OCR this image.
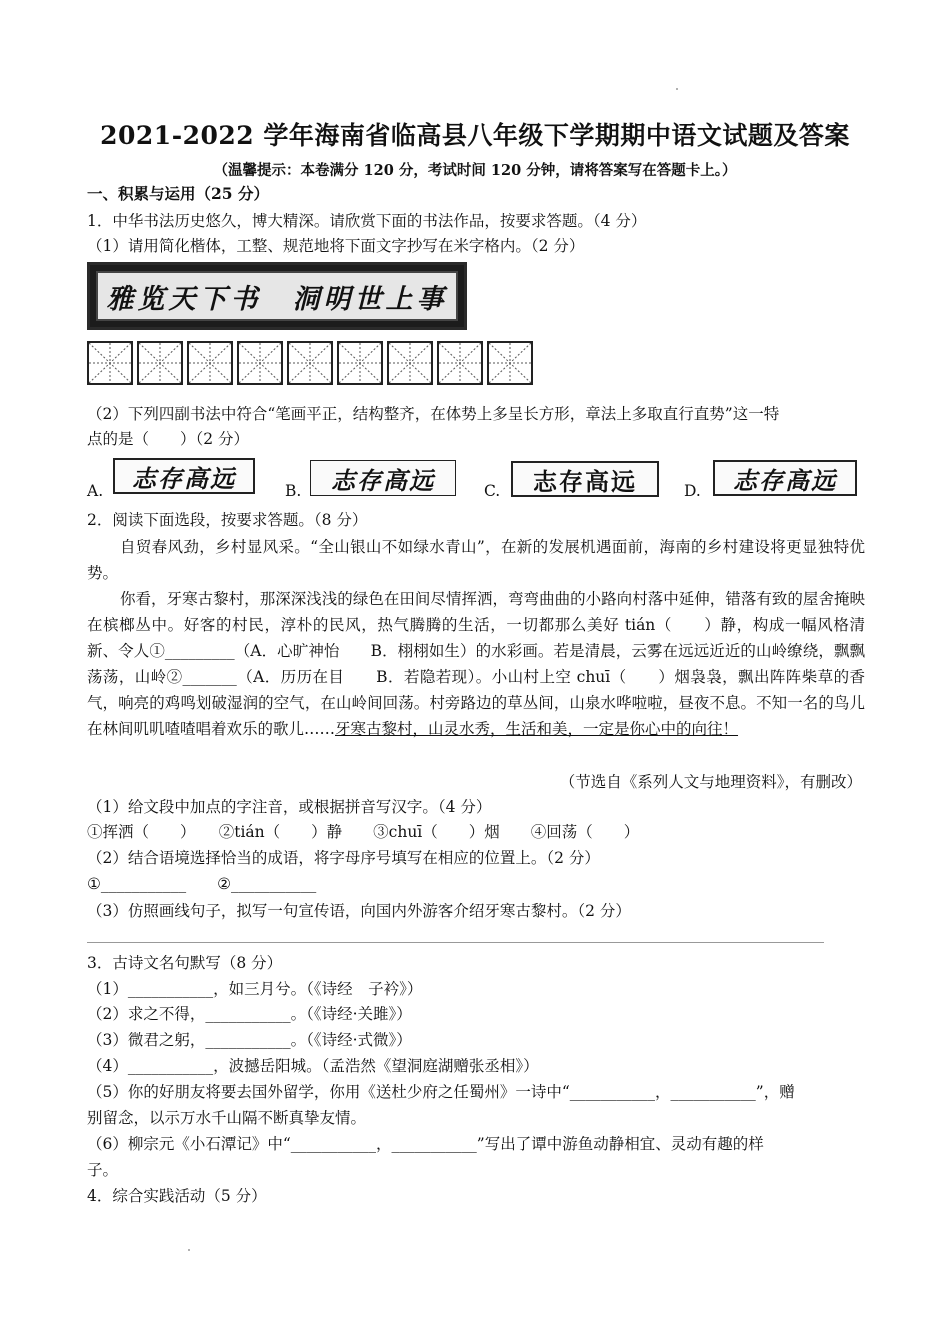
2021-2022 学年海南省临高县八年级下学期期中语文试题及答案
（温馨提示：本卷满分 120 分，考试时间 120 分钟，请将答案写在答题卡上。）
一、积累与运用（25 分）
1．中华书法历史悠久，博大精深。请欣赏下面的书法作品，按要求答题。（4 分）
（1）请用简化楷体，工整、规范地将下面文字抄写在米字格内。（2 分）
雅览天下书　洞明世上事
（2）下列四副书法中符合“笔画平正，结构整齐，在体势上多呈长方形，章法上多取直行直势”这一特
点的是（　　）（2 分）
A. 志存高远	B. 志存高远	C. 志存高远	D. 志存高远
2．阅读下面选段，按要求答题。（8 分）
自贸春风劲，乡村显风采。“全山银山不如绿水青山”，在新的发展机遇面前，海南的乡村建设将更显独特优势。
你看，牙寒古黎村，那深深浅浅的绿色在田间尽情挥洒，弯弯曲曲的小路向村落中延伸，错落有致的屋舍掩映在槟榔丛中。好客的村民，淳朴的民风，热气腾腾的生活，一切都那么美好 tián（　　）静，构成一幅风格清新、令人①_________（A．心旷神怡　　B．栩栩如生）的水彩画。若是清晨，云雾在远远近近的山岭缭绕，飘飘荡荡，山岭②_______（A．历历在目　　B．若隐若现）。小山村上空 chuī（　　）烟袅袅，飘出阵阵柴草的香气，响亮的鸡鸣划破湿润的空气，在山岭间回荡。村旁路边的草丛间，山泉水哗啦啦，昼夜不息。不知一名的鸟儿在林间叽叽喳喳唱着欢乐的歌儿……牙寒古黎村，山灵水秀，生活和美，一定是你心中的向往！
（节选自《系列人文与地理资料》，有删改）
（1）给文段中加点的字注音，或根据拼音写汉字。（4 分）
①挥洒（　　）　　②tián（　　）静　　③chuī（　　）烟　　④回荡（　　）
（2）结合语境选择恰当的成语，将字母序号填写在相应的位置上。（2 分）
①___________　　②___________
（3）仿照画线句子，拟写一句宣传语，向国内外游客介绍牙寒古黎村。（2 分）
3．古诗文名句默写（8 分）
（1）___________，如三月兮。（《诗经　子衿》）
（2）求之不得，___________。（《诗经·关雎》）
（3）微君之躬，___________。（《诗经·式微》）
（4）___________，波撼岳阳城。（孟浩然《望洞庭湖赠张丞相》）
（5）你的好朋友将要去国外留学，你用《送杜少府之任蜀州》一诗中“___________，___________”，赠
别留念，以示万水千山隔不断真挚友情。
（6）柳宗元《小石潭记》中“___________，___________”写出了谭中游鱼动静相宜、灵动有趣的样
子。
4．综合实践活动（5 分）
